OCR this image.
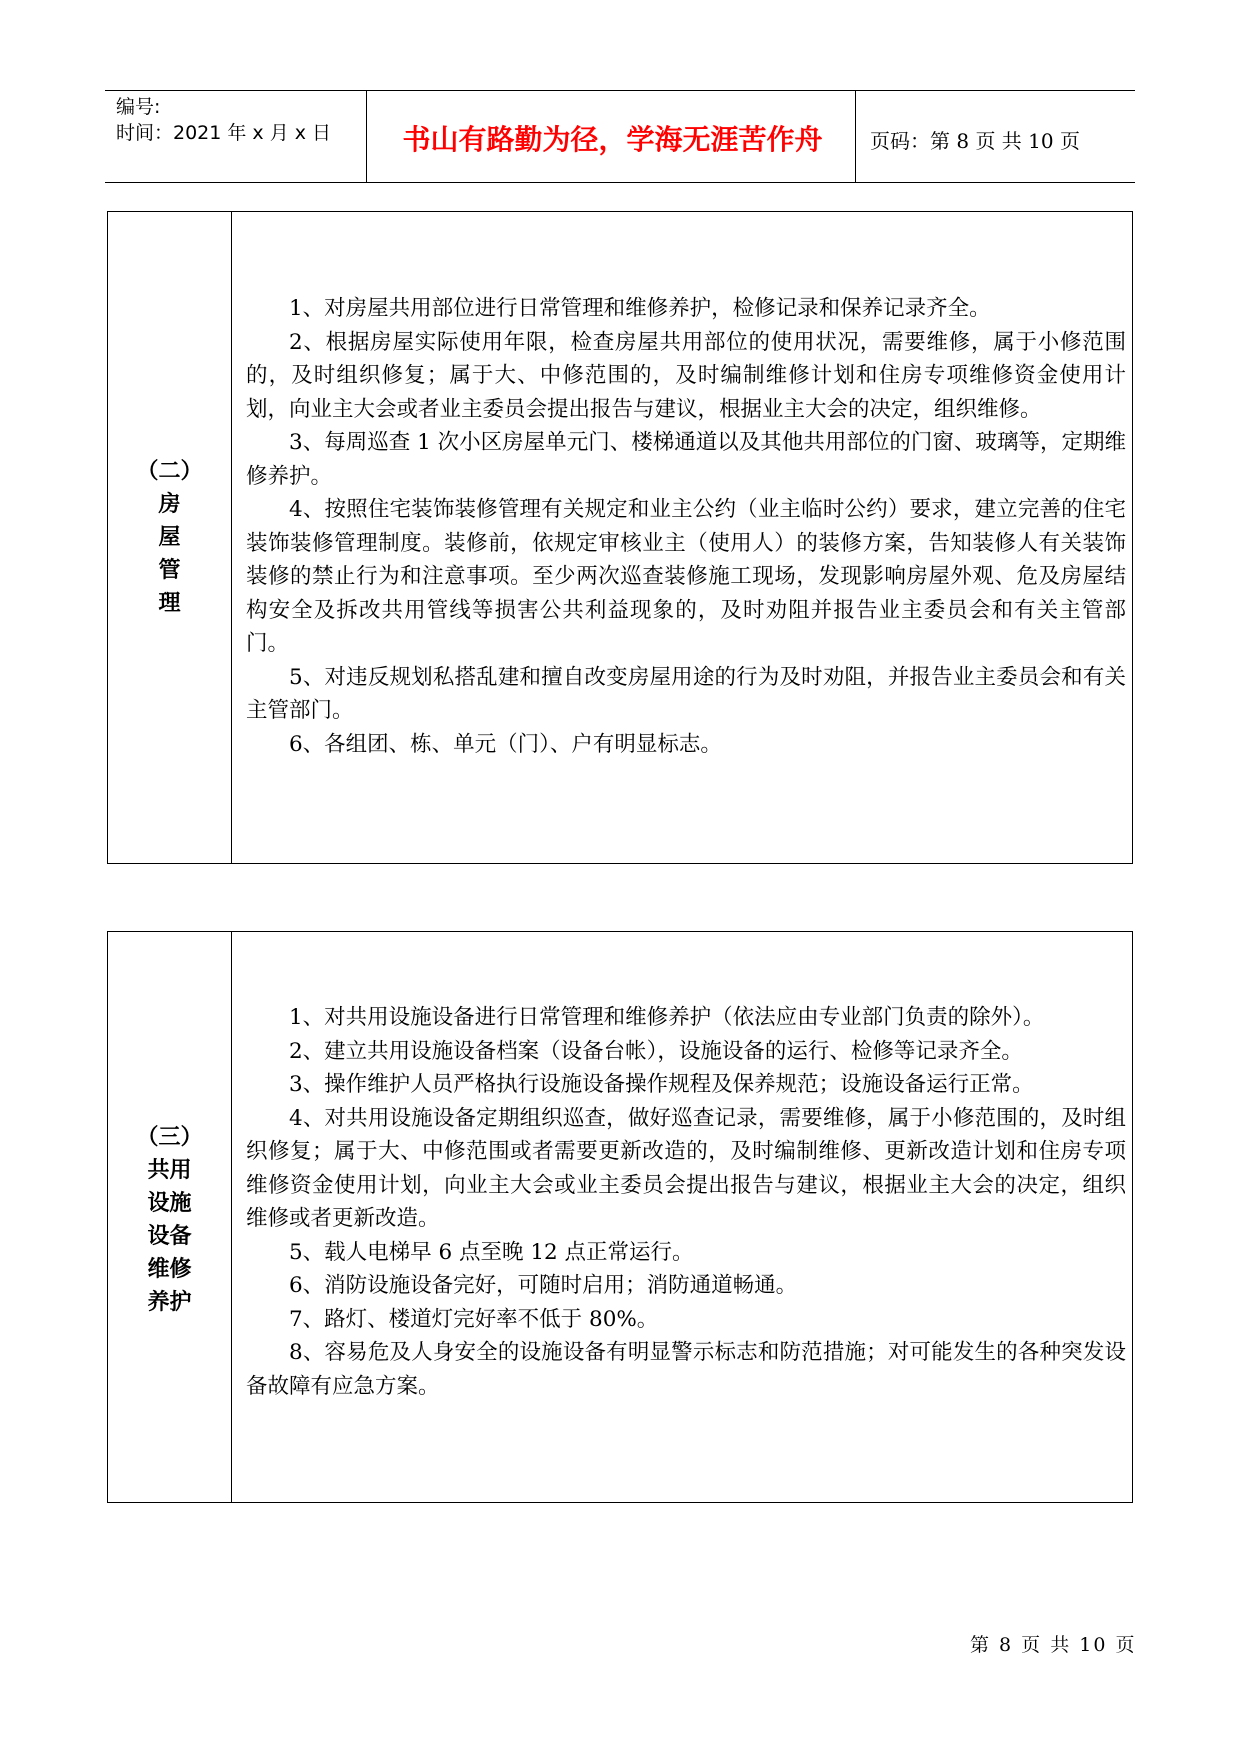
编号:
时间：2021 年 x 月 x 日	书山有路勤为径，学海无涯苦作舟	页码：第 8 页 共 10 页
（二）
房
屋
管
理

1、对房屋共用部位进行日常管理和维修养护，检修记录和保养记录齐全。

2、根据房屋实际使用年限，检查房屋共用部位的使用状况，需要维修，属于小修范围的，及时组织修复；属于大、中修范围的，及时编制维修计划和住房专项维修资金使用计划，向业主大会或者业主委员会提出报告与建议，根据业主大会的决定，组织维修。

3、每周巡查 1 次小区房屋单元门、楼梯通道以及其他共用部位的门窗、玻璃等，定期维修养护。

4、按照住宅装饰装修管理有关规定和业主公约（业主临时公约）要求，建立完善的住宅装饰装修管理制度。装修前，依规定审核业主（使用人）的装修方案，告知装修人有关装饰装修的禁止行为和注意事项。至少两次巡查装修施工现场，发现影响房屋外观、危及房屋结构安全及拆改共用管线等损害公共利益现象的，及时劝阻并报告业主委员会和有关主管部门。

5、对违反规划私搭乱建和擅自改变房屋用途的行为及时劝阻，并报告业主委员会和有关主管部门。

6、各组团、栋、单元（门）、户有明显标志。

（三）
共用
设施
设备
维修
养护

1、对共用设施设备进行日常管理和维修养护（依法应由专业部门负责的除外）。

2、建立共用设施设备档案（设备台帐），设施设备的运行、检修等记录齐全。

3、操作维护人员严格执行设施设备操作规程及保养规范；设施设备运行正常。

4、对共用设施设备定期组织巡查，做好巡查记录，需要维修，属于小修范围的，及时组织修复；属于大、中修范围或者需要更新改造的，及时编制维修、更新改造计划和住房专项维修资金使用计划，向业主大会或业主委员会提出报告与建议，根据业主大会的决定，组织维修或者更新改造。

5、载人电梯早 6 点至晚 12 点正常运行。

6、消防设施设备完好，可随时启用；消防通道畅通。

7、路灯、楼道灯完好率不低于 80%。

8、容易危及人身安全的设施设备有明显警示标志和防范措施；对可能发生的各种突发设备故障有应急方案。

第 8 页 共 10 页
